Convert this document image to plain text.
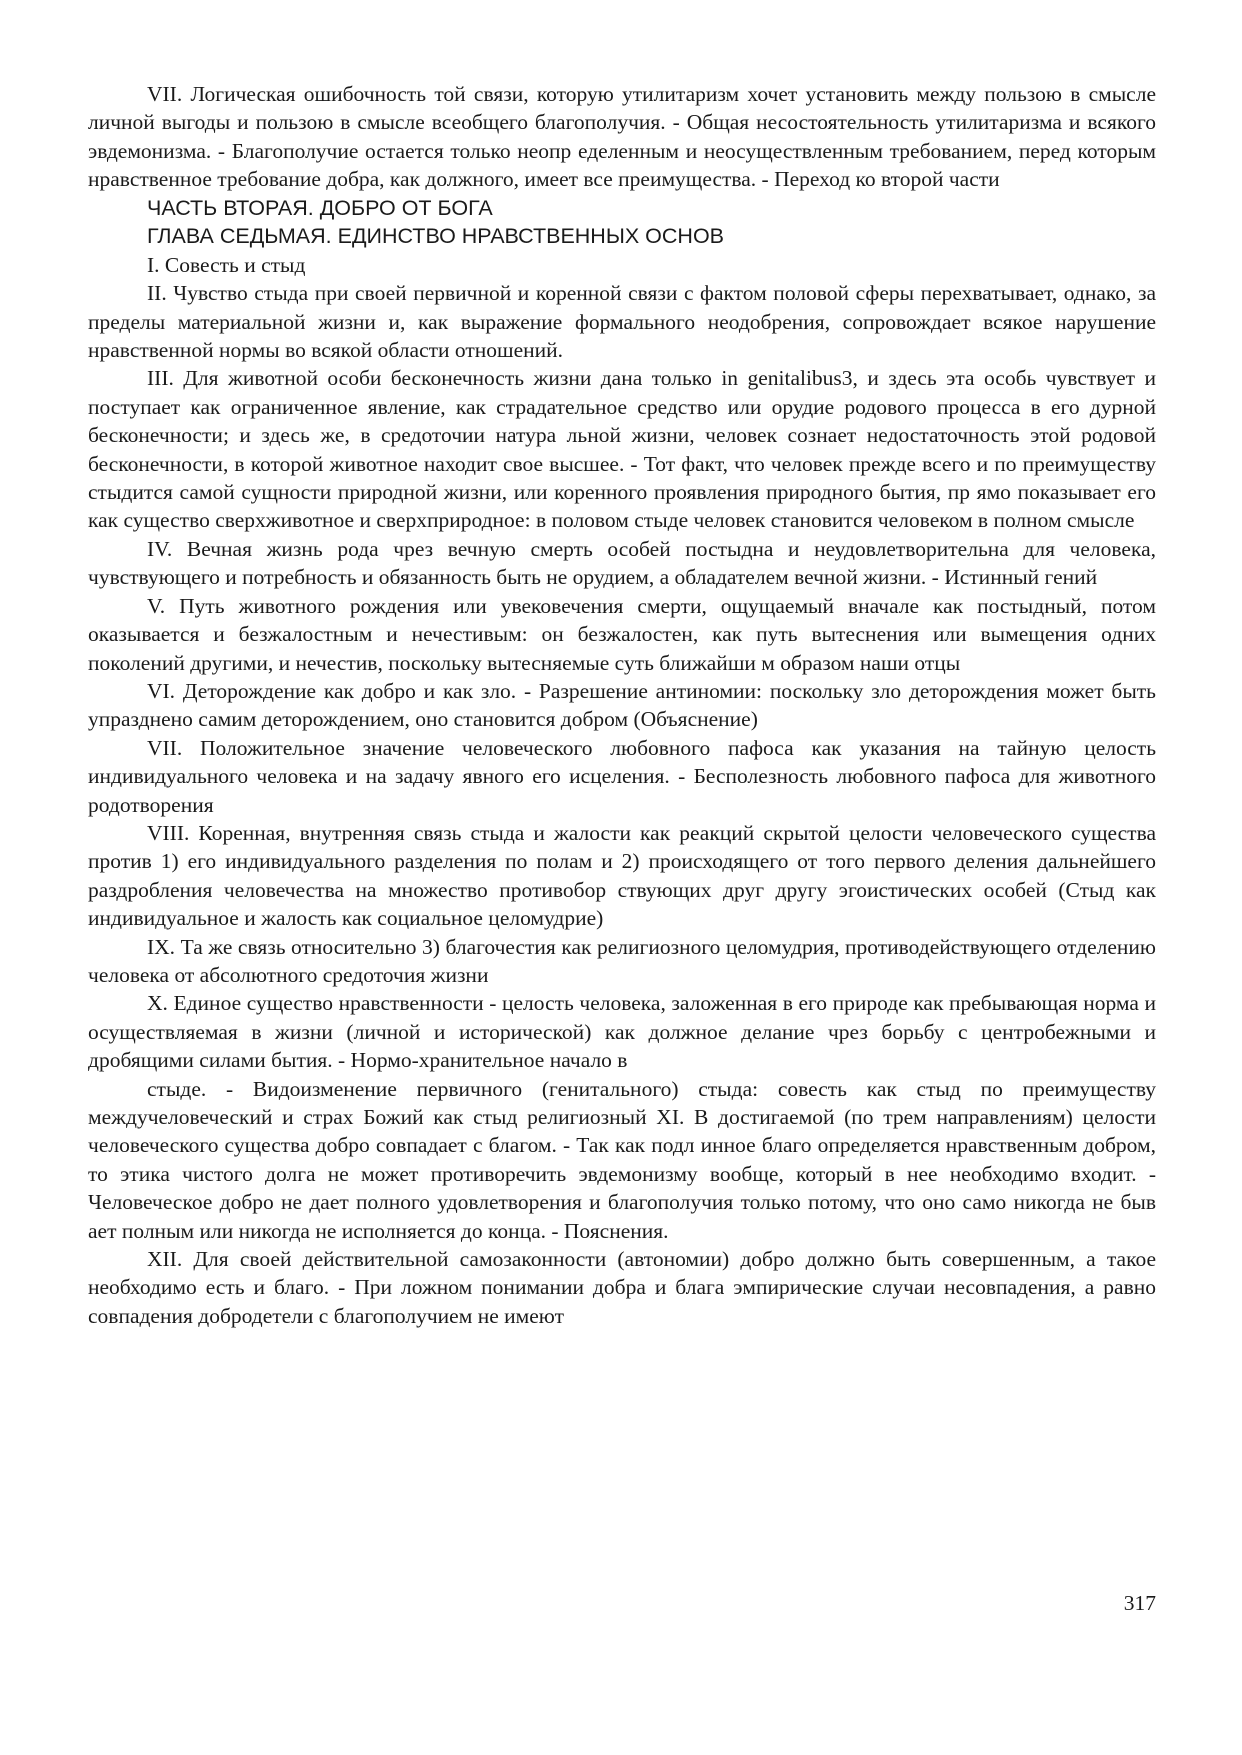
VII. Логическая ошибочность той связи, которую утилитаризм хочет установить между пользою в смысле личной выгоды и пользою в смысле всеобщего благополучия. - Общая несостоятельность утилитаризма и всякого эвдемонизма. - Благополучие остается только неопр еделенным и неосуществленным требованием, перед которым нравственное требование добра, как должного, имеет все преимущества. - Переход ко второй части

ЧАСТЬ ВТОРАЯ. ДОБРО ОТ БОГА

ГЛАВА СЕДЬМАЯ. ЕДИНСТВО НРАВСТВЕННЫХ ОСНОВ

I. Совесть и стыд

II. Чувство стыда при своей первичной и коренной связи с фактом половой сферы перехватывает, однако, за пределы материальной жизни и, как выражение формального неодобрения, сопровождает всякое нарушение нравственной нормы во всякой области отношений.

III. Для животной особи бесконечность жизни дана только in genitalibus3, и здесь эта особь чувствует и поступает как ограниченное явление, как страдательное средство или орудие родового процесса в его дурной бесконечности; и здесь же, в средоточии натура льной жизни, человек сознает недостаточность этой родовой бесконечности, в которой животное находит свое высшее. - Тот факт, что человек прежде всего и по преимуществу стыдится самой сущности природной жизни, или коренного проявления природного бытия, пр ямо показывает его как существо сверхживотное и сверхприродное: в половом стыде человек становится человеком в полном смысле

IV. Вечная жизнь рода чрез вечную смерть особей постыдна и неудовлетворительна для человека, чувствующего и потребность и обязанность быть не орудием, а обладателем вечной жизни. - Истинный гений

V. Путь животного рождения или увековечения смерти, ощущаемый вначале как постыдный, потом оказывается и безжалостным и нечестивым: он безжалостен, как путь вытеснения или вымещения одних поколений другими, и нечестив, поскольку вытесняемые суть ближайши м образом наши отцы

VI. Деторождение как добро и как зло. - Разрешение антиномии: поскольку зло деторождения может быть упразднено самим деторождением, оно становится добром (Объяснение)

VII. Положительное значение человеческого любовного пафоса как указания на тайную целость индивидуального человека и на задачу явного его исцеления. - Бесполезность любовного пафоса для животного родотворения

VIII. Коренная, внутренняя связь стыда и жалости как реакций скрытой целости человеческого существа против 1) его индивидуального разделения по полам и 2) происходящего от того первого деления дальнейшего раздробления человечества на множество противобор ствующих друг другу эгоистических особей (Стыд как индивидуальное и жалость как социальное целомудрие)

IX. Та же связь относительно 3) благочестия как религиозного целомудрия, противодействующего отделению человека от абсолютного средоточия жизни

X. Единое существо нравственности - целость человека, заложенная в его природе как пребывающая норма и осуществляемая в жизни (личной и исторической) как должное делание чрез борьбу с центробежными и дробящими силами бытия. - Нормо-хранительное начало в

стыде. - Видоизменение первичного (генитального) стыда: совесть как стыд по преимуществу междучеловеческий и страх Божий как стыд религиозный XI. В достигаемой (по трем направлениям) целости человеческого существа добро совпадает с благом. - Так как подл инное благо определяется нравственным добром, то этика чистого долга не может противоречить эвдемонизму вообще, который в нее необходимо входит. - Человеческое добро не дает полного удовлетворения и благополучия только потому, что оно само никогда не быв ает полным или никогда не исполняется до конца. - Пояснения.

XII. Для своей действительной самозаконности (автономии) добро должно быть совершенным, а такое необходимо есть и благо. - При ложном понимании добра и блага эмпирические случаи несовпадения, а равно совпадения добродетели с благополучием не имеют

317
